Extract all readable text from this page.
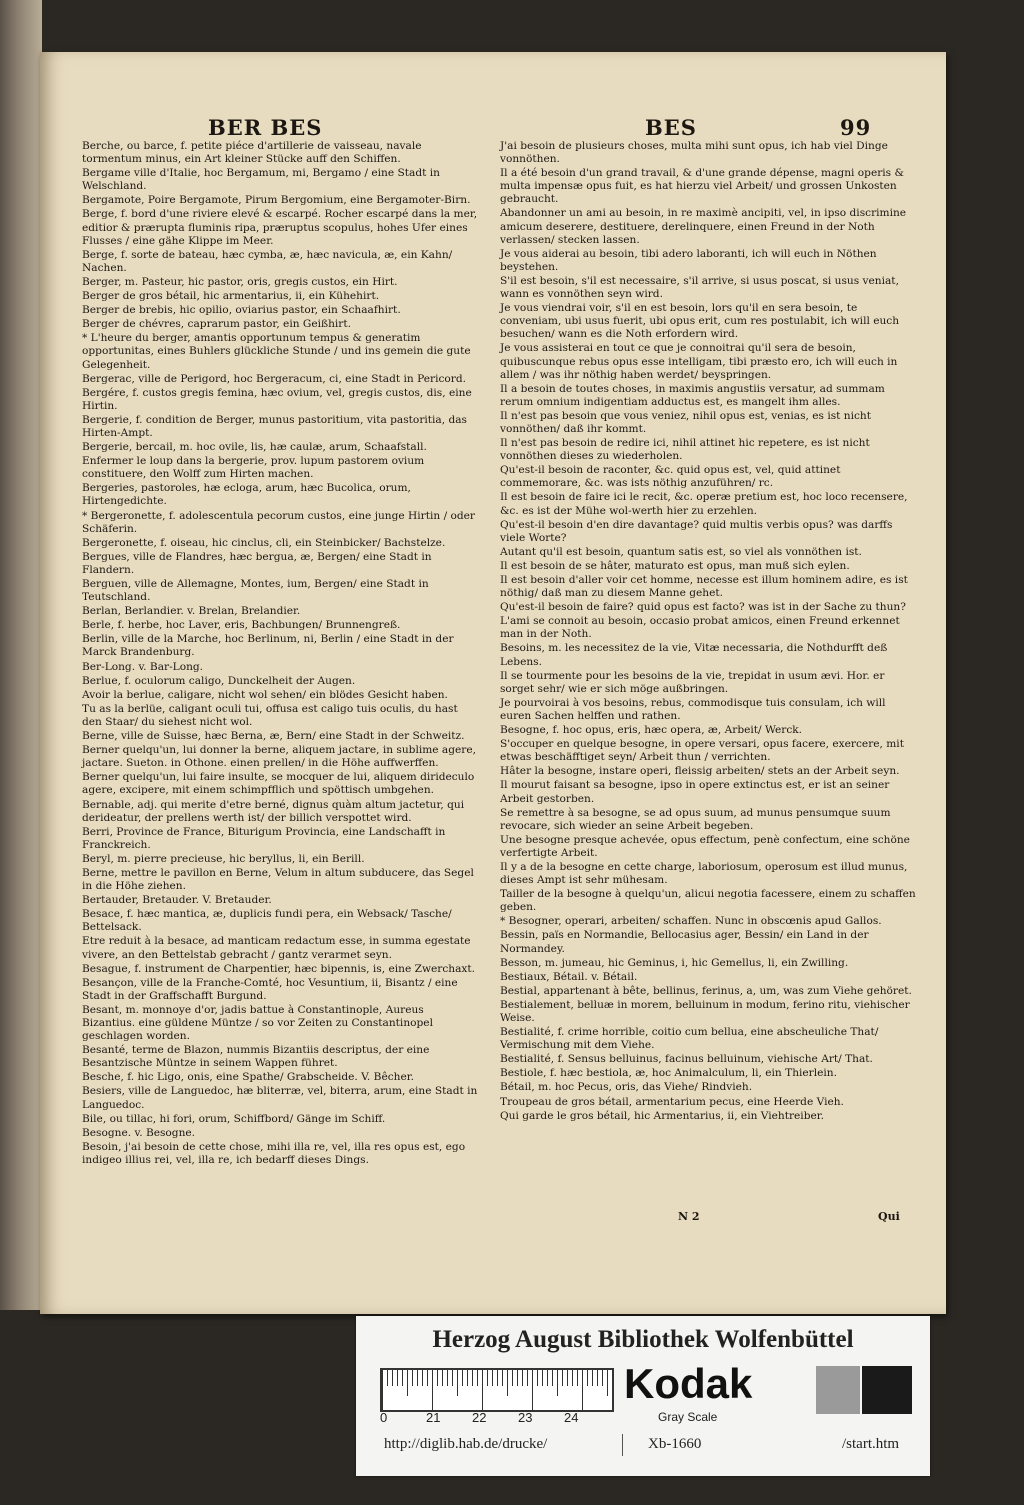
BER BES	BES	99
Berche, ou barce, f. petite piéce d'artillerie de vaisseau, navale tormentum minus, ein Art kleiner Stücke auff den Schiffen.
Bergame ville d'Italie, hoc Bergamum, mi, Bergamo / eine Stadt in Welschland.
Bergamote, Poire Bergamote, Pirum Bergomium, eine Bergamoter-Birn.
Berge, f. bord d'une riviere elevé & escarpé. Rocher escarpé dans la mer, editior & prærupta fluminis ripa, præruptus scopulus, hohes Ufer eines Flusses / eine gähe Klippe im Meer.
Berge, f. sorte de bateau, hæc cymba, æ, hæc navicula, æ, ein Kahn/ Nachen.
Berger, m. Pasteur, hic pastor, oris, gregis custos, ein Hirt.
Berger de gros bétail, hic armentarius, ii, ein Kühehirt.
Berger de brebis, hic opilio, oviarius pastor, ein Schaafhirt.
Berger de chévres, caprarum pastor, ein Geißhirt.
* L'heure du berger, amantis opportunum tempus & generatim opportunitas, eines Buhlers glückliche Stunde / und ins gemein die gute Gelegenheit.
Bergerac, ville de Perigord, hoc Bergeracum, ci, eine Stadt in Pericord.
Bergére, f. custos gregis femina, hæc ovium, vel, gregis custos, dis, eine Hirtin.
Bergerie, f. condition de Berger, munus pastoritium, vita pastoritia, das Hirten-Ampt.
Bergerie, bercail, m. hoc ovile, lis, hæ caulæ, arum, Schaafstall.
Enfermer le loup dans la bergerie, prov. lupum pastorem ovium constituere, den Wolff zum Hirten machen.
Bergeries, pastoroles, hæ ecloga, arum, hæc Bucolica, orum, Hirtengedichte.
* Bergeronette, f. adolescentula pecorum custos, eine junge Hirtin / oder Schäferin.
Bergeronette, f. oiseau, hic cinclus, cli, ein Steinbicker/ Bachstelze.
Bergues, ville de Flandres, hæc bergua, æ, Bergen/ eine Stadt in Flandern.
Berguen, ville de Allemagne, Montes, ium, Bergen/ eine Stadt in Teutschland.
Berlan, Berlandier. v. Brelan, Brelandier.
Berle, f. herbe, hoc Laver, eris, Bachbungen/ Brunnengreß.
Berlin, ville de la Marche, hoc Berlinum, ni, Berlin / eine Stadt in der Marck Brandenburg.
Ber-Long. v. Bar-Long.
Berlue, f. oculorum caligo, Dunckelheit der Augen.
Avoir la berlue, caligare, nicht wol sehen/ ein blödes Gesicht haben.
Tu as la berlüe, caligant oculi tui, offusa est caligo tuis oculis, du hast den Staar/ du siehest nicht wol.
Berne, ville de Suisse, hæc Berna, æ, Bern/ eine Stadt in der Schweitz.
Berner quelqu'un, lui donner la berne, aliquem jactare, in sublime agere, jactare. Sueton. in Othone. einen prellen/ in die Höhe auffwerffen.
Berner quelqu'un, lui faire insulte, se mocquer de lui, aliquem dirideculo agere, excipere, mit einem schimpfflich und spöttisch umbgehen.
Bernable, adj. qui merite d'etre berné, dignus quàm altum jactetur, qui derideatur, der prellens werth ist/ der billich verspottet wird.
Berri, Province de France, Biturigum Provincia, eine Landschafft in Franckreich.
Beryl, m. pierre precieuse, hic beryllus, li, ein Berill.
Berne, mettre le pavillon en Berne, Velum in altum subducere, das Segel in die Höhe ziehen.
Bertauder, Bretauder. V. Bretauder.
Besace, f. hæc mantica, æ, duplicis fundi pera, ein Websack/ Tasche/ Bettelsack.
Etre reduit à la besace, ad manticam redactum esse, in summa egestate vivere, an den Bettelstab gebracht / gantz verarmet seyn.
Besague, f. instrument de Charpentier, hæc bipennis, is, eine Zwerchaxt.
Besançon, ville de la Franche-Comté, hoc Vesuntium, ii, Bisantz / eine Stadt in der Graffschafft Burgund.
Besant, m. monnoye d'or, jadis battue à Constantinople, Aureus Bizantius. eine güldene Müntze / so vor Zeiten zu Constantinopel geschlagen worden.
Besanté, terme de Blazon, nummis Bizantiis descriptus, der eine Besantzische Müntze in seinem Wappen führet.
Besche, f. hic Ligo, onis, eine Spathe/ Grabscheide. V. Bêcher.
Besiers, ville de Languedoc, hæ bliterræ, vel, biterra, arum, eine Stadt in Languedoc.
Bile, ou tillac, hi fori, orum, Schiffbord/ Gänge im Schiff.
Besogne. v. Besogne.
Besoin, j'ai besoin de cette chose, mihi illa re, vel, illa res opus est, ego indigeo illius rei, vel, illa re, ich bedarff dieses Dings.
J'ai besoin de plusieurs choses, multa mihi sunt opus, ich hab viel Dinge vonnöthen.
Il a été besoin d'un grand travail, & d'une grande dépense, magni operis & multa impensæ opus fuit, es hat hierzu viel Arbeit/ und grossen Unkosten gebraucht.
Abandonner un ami au besoin, in re maximè ancipiti, vel, in ipso discrimine amicum deserere, destituere, derelinquere, einen Freund in der Noth verlassen/ stecken lassen.
Je vous aiderai au besoin, tibi adero laboranti, ich will euch in Nöthen beystehen.
S'il est besoin, s'il est necessaire, s'il arrive, si usus poscat, si usus veniat, wann es vonnöthen seyn wird.
Je vous viendrai voir, s'il en est besoin, lors qu'il en sera besoin, te conveniam, ubi usus fuerit, ubi opus erit, cum res postulabit, ich will euch besuchen/ wann es die Noth erfordern wird.
Je vous assisterai en tout ce que je connoitrai qu'il sera de besoin, quibuscunque rebus opus esse intelligam, tibi præsto ero, ich will euch in allem / was ihr nöthig haben werdet/ beyspringen.
Il a besoin de toutes choses, in maximis angustiis versatur, ad summam rerum omnium indigentiam adductus est, es mangelt ihm alles.
Il n'est pas besoin que vous veniez, nihil opus est, venias, es ist nicht vonnöthen/ daß ihr kommt.
Il n'est pas besoin de redire ici, nihil attinet hic repetere, es ist nicht vonnöthen dieses zu wiederholen.
Qu'est-il besoin de raconter, &c. quid opus est, vel, quid attinet commemorare, &c. was ists nöthig anzuführen/ rc.
Il est besoin de faire ici le recit, &c. operæ pretium est, hoc loco recensere, &c. es ist der Mühe wol-werth hier zu erzehlen.
Qu'est-il besoin d'en dire davantage? quid multis verbis opus? was darffs viele Worte?
Autant qu'il est besoin, quantum satis est, so viel als vonnöthen ist.
Il est besoin de se hâter, maturato est opus, man muß sich eylen.
Il est besoin d'aller voir cet homme, necesse est illum hominem adire, es ist nöthig/ daß man zu diesem Manne gehet.
Qu'est-il besoin de faire? quid opus est facto? was ist in der Sache zu thun?
L'ami se connoit au besoin, occasio probat amicos, einen Freund erkennet man in der Noth.
Besoins, m. les necessitez de la vie, Vitæ necessaria, die Nothdurfft deß Lebens.
Il se tourmente pour les besoins de la vie, trepidat in usum ævi. Hor. er sorget sehr/ wie er sich möge außbringen.
Je pourvoirai à vos besoins, rebus, commodisque tuis consulam, ich will euren Sachen helffen und rathen.
Besogne, f. hoc opus, eris, hæc opera, æ, Arbeit/ Werck.
S'occuper en quelque besogne, in opere versari, opus facere, exercere, mit etwas beschäfftiget seyn/ Arbeit thun / verrichten.
Hâter la besogne, instare operi, fleissig arbeiten/ stets an der Arbeit seyn.
Il mourut faisant sa besogne, ipso in opere extinctus est, er ist an seiner Arbeit gestorben.
Se remettre à sa besogne, se ad opus suum, ad munus pensumque suum revocare, sich wieder an seine Arbeit begeben.
Une besogne presque achevée, opus effectum, penè confectum, eine schöne verfertigte Arbeit.
Il y a de la besogne en cette charge, laboriosum, operosum est illud munus, dieses Ampt ist sehr mühesam.
Tailler de la besogne à quelqu'un, alicui negotia facessere, einem zu schaffen geben.
* Besogner, operari, arbeiten/ schaffen. Nunc in obscœnis apud Gallos.
Bessin, païs en Normandie, Bellocasius ager, Bessin/ ein Land in der Normandey.
Besson, m. jumeau, hic Geminus, i, hic Gemellus, li, ein Zwilling.
Bestiaux, Bétail. v. Bétail.
Bestial, appartenant à bête, bellinus, ferinus, a, um, was zum Viehe gehöret.
Bestialement, belluæ in morem, belluinum in modum, ferino ritu, viehischer Weise.
Bestialité, f. crime horrible, coitio cum bellua, eine abscheuliche That/ Vermischung mit dem Viehe.
Bestialité, f. Sensus belluinus, facinus belluinum, viehische Art/ That.
Bestiole, f. hæc bestiola, æ, hoc Animalculum, li, ein Thierlein.
Bétail, m. hoc Pecus, oris, das Viehe/ Rindvieh.
Troupeau de gros bétail, armentarium pecus, eine Heerde Vieh.
Qui garde le gros bétail, hic Armentarius, ii, ein Viehtreiber.
N 2	Qui
Herzog August Bibliothek Wolfenbüttel
0	21 22 23 24
Kodak
Gray Scale
http://diglib.hab.de/drucke/	Xb-1660	/start.htm
